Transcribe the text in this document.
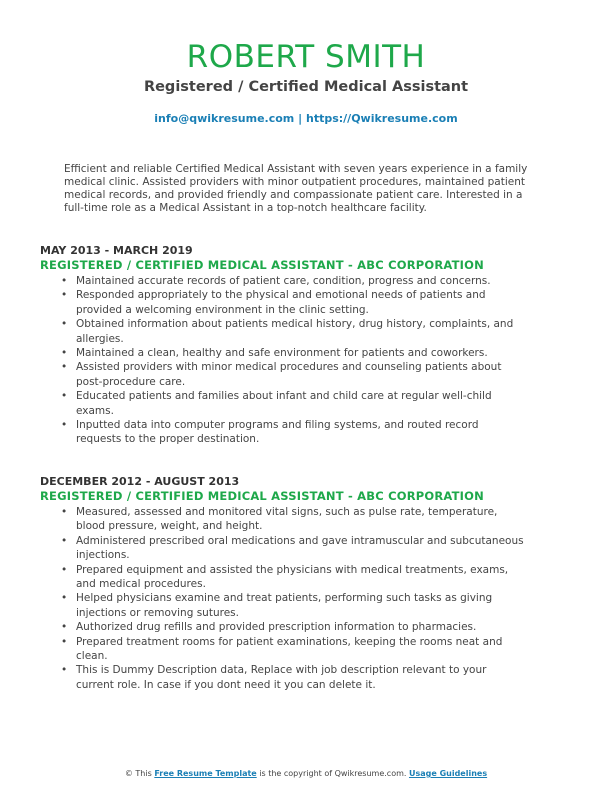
ROBERT SMITH
Registered / Certified Medical Assistant
info@qwikresume.com | https://Qwikresume.com
Efficient and reliable Certified Medical Assistant with seven years experience in a family medical clinic. Assisted providers with minor outpatient procedures, maintained patient medical records, and provided friendly and compassionate patient care. Interested in a full-time role as a Medical Assistant in a top-notch healthcare facility.
MAY 2013 - MARCH 2019
REGISTERED / CERTIFIED MEDICAL ASSISTANT - ABC CORPORATION
• Maintained accurate records of patient care, condition, progress and concerns.
• Responded appropriately to the physical and emotional needs of patients and provided a welcoming environment in the clinic setting.
• Obtained information about patients medical history, drug history, complaints, and allergies.
• Maintained a clean, healthy and safe environment for patients and coworkers.
• Assisted providers with minor medical procedures and counseling patients about post-procedure care.
• Educated patients and families about infant and child care at regular well-child exams.
• Inputted data into computer programs and filing systems, and routed record requests to the proper destination.
DECEMBER 2012 - AUGUST 2013
REGISTERED / CERTIFIED MEDICAL ASSISTANT - ABC CORPORATION
• Measured, assessed and monitored vital signs, such as pulse rate, temperature, blood pressure, weight, and height.
• Administered prescribed oral medications and gave intramuscular and subcutaneous injections.
• Prepared equipment and assisted the physicians with medical treatments, exams, and medical procedures.
• Helped physicians examine and treat patients, performing such tasks as giving injections or removing sutures.
• Authorized drug refills and provided prescription information to pharmacies.
• Prepared treatment rooms for patient examinations, keeping the rooms neat and clean.
• This is Dummy Description data, Replace with job description relevant to your current role. In case if you dont need it you can delete it.
© This Free Resume Template is the copyright of Qwikresume.com. Usage Guidelines
